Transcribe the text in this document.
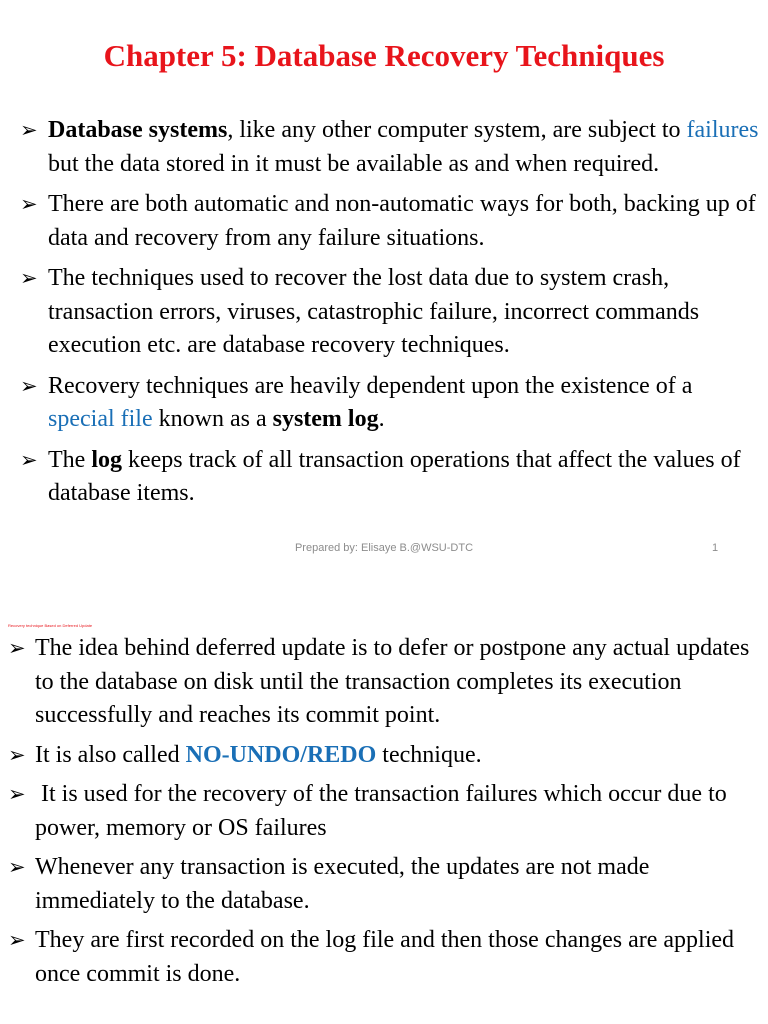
Chapter 5: Database Recovery Techniques
➢ Database systems, like any other computer system, are subject to failures but the data stored in it must be available as and when required.
➢ There are both automatic and non-automatic ways for both, backing up of data and recovery from any failure situations.
➢ The techniques used to recover the lost data due to system crash, transaction errors, viruses, catastrophic failure, incorrect commands execution etc. are database recovery techniques.
➢ Recovery techniques are heavily dependent upon the existence of a special file known as a system log.
➢ The log keeps track of all transaction operations that affect the values of database items.
Prepared by: Elisaye B.@WSU-DTC	1
Recovery technique Based on Deferred Update
➢ The idea behind deferred update is to defer or postpone any actual updates to the database on disk until the transaction completes its execution successfully and reaches its commit point.
➢ It is also called NO-UNDO/REDO technique.
➢ It is used for the recovery of the transaction failures which occur due to power, memory or OS failures
➢ Whenever any transaction is executed, the updates are not made immediately to the database.
➢ They are first recorded on the log file and then those changes are applied once commit is done.
